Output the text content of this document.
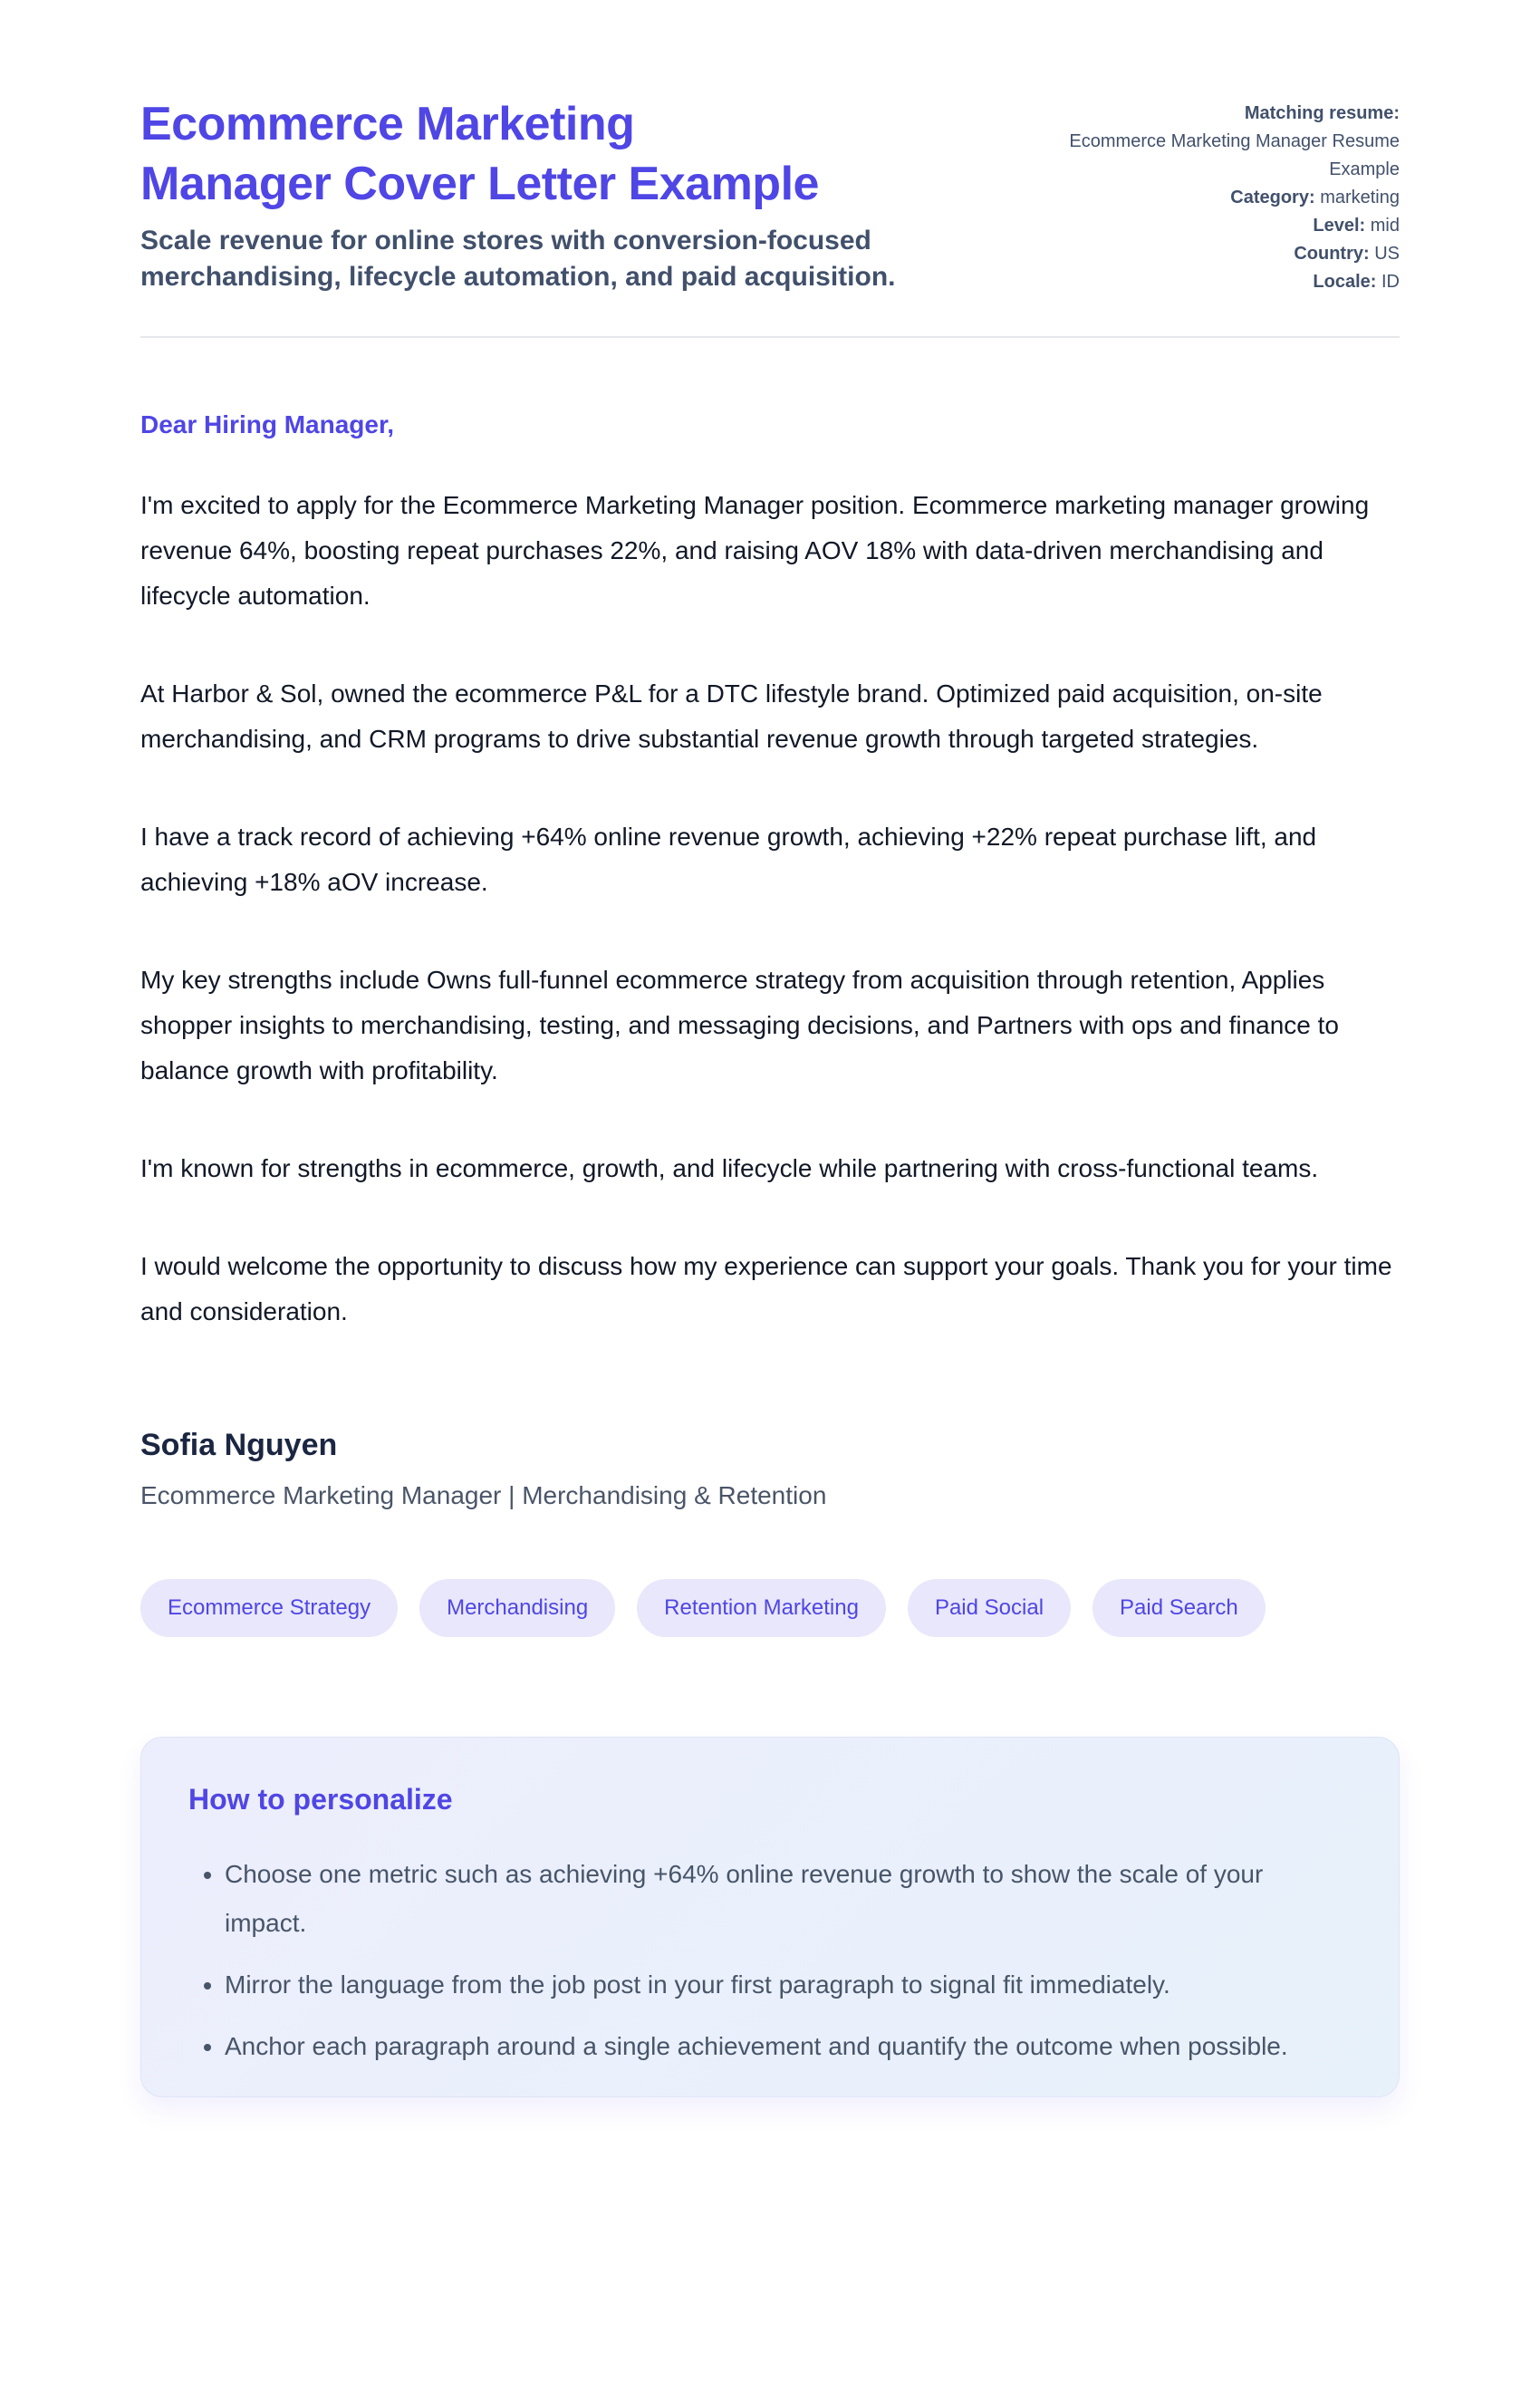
Ecommerce Marketing
Manager Cover Letter Example

Scale revenue for online stores with conversion-focused merchandising, lifecycle automation, and paid acquisition.

Matching resume:
Ecommerce Marketing Manager Resume Example
Category: marketing
Level: mid
Country: US
Locale: ID
Dear Hiring Manager,

I'm excited to apply for the Ecommerce Marketing Manager position. Ecommerce marketing manager growing revenue 64%, boosting repeat purchases 22%, and raising AOV 18% with data-driven merchandising and lifecycle automation.

At Harbor & Sol, owned the ecommerce P&L for a DTC lifestyle brand. Optimized paid acquisition, on-site merchandising, and CRM programs to drive substantial revenue growth through targeted strategies.

I have a track record of achieving +64% online revenue growth, achieving +22% repeat purchase lift, and achieving +18% aOV increase.

My key strengths include Owns full-funnel ecommerce strategy from acquisition through retention, Applies shopper insights to merchandising, testing, and messaging decisions, and Partners with ops and finance to balance growth with profitability.

I'm known for strengths in ecommerce, growth, and lifecycle while partnering with cross-functional teams.

I would welcome the opportunity to discuss how my experience can support your goals. Thank you for your time and consideration.

Sofia Nguyen
Ecommerce Marketing Manager | Merchandising & Retention
Ecommerce Strategy	Merchandising	Retention Marketing	Paid Social	Paid Search
How to personalize
• Choose one metric such as achieving +64% online revenue growth to show the scale of your impact.
• Mirror the language from the job post in your first paragraph to signal fit immediately.
• Anchor each paragraph around a single achievement and quantify the outcome when possible.
